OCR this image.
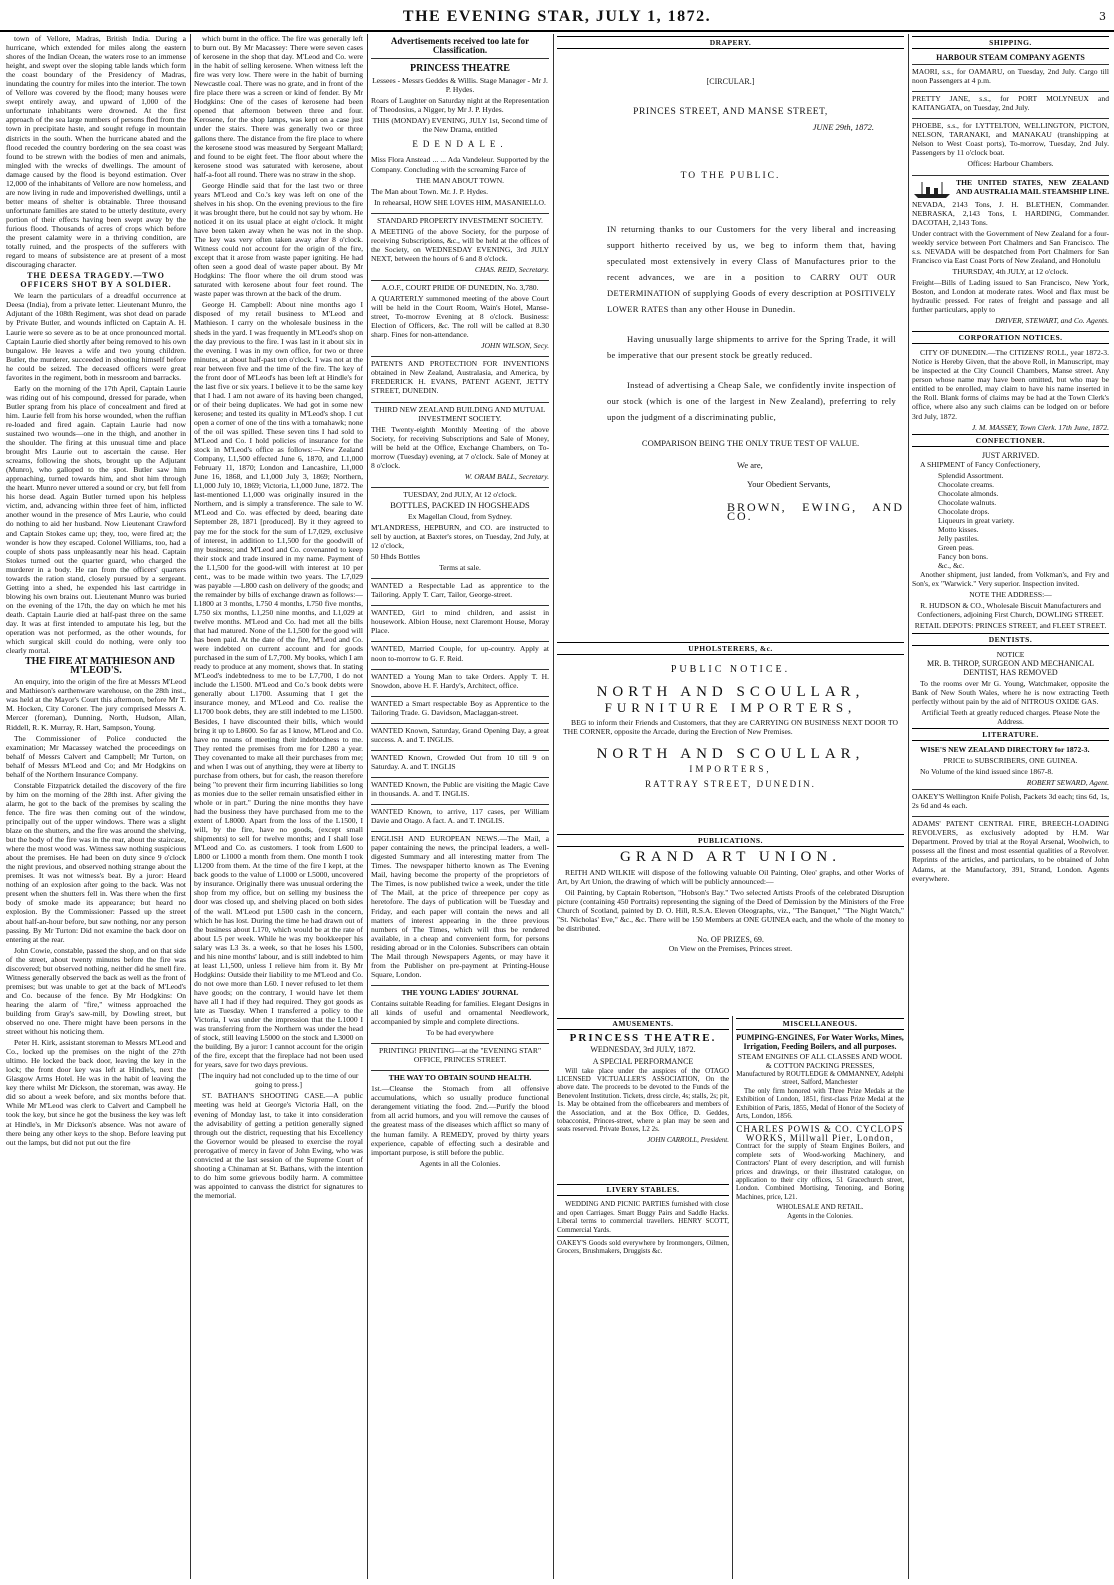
THE EVENING STAR, JULY 1, 1872.	3

town of Vellore, Madras, British India. During a hurricane, which extended for miles along the eastern shores of the Indian Ocean, the waters rose to an immense height, and swept over the sloping table lands which form the coast boundary of the Presidency of Madras, inundating the country for miles into the interior. The town of Vellore was covered by the flood; many houses were swept entirely away, and upward of 1,000 of the unfortunate inhabitants were drowned. At the first approach of the sea large numbers of persons fled from the town in precipitate haste, and sought refuge in mountain districts in the south. When the hurricane abated and the flood receded the country bordering on the sea coast was found to be strewn with the bodies of men and animals, mingled with the wrecks of dwellings. The amount of damage caused by the flood is beyond estimation. Over 12,000 of the inhabitants of Vellore are now homeless, and are now living in rude and impoverished dwellings, until a better means of shelter is obtainable. Three thousand unfortunate families are stated to be utterly destitute, every portion of their effects having been swept away by the furious flood. Thousands of acres of crops which before the present calamity were in a thriving condition, are totally ruined, and the prospects of the sufferers with regard to means of subsistence are at present of a most discouraging character.

THE DEESA TRAGEDY.—TWO OFFICERS SHOT BY A SOLDIER.

We learn the particulars of a dreadful occurrence at Deesa (India), from a private letter. Lieutenant Munro, the Adjutant of the 108th Regiment, was shot dead on parade by Private Butler, and wounds inflicted on Captain A. H. Laurie were so severe as to be at once pronounced mortal. Captain Laurie died shortly after being removed to his own bungalow. He leaves a wife and two young children. Butler, the murderer, succeeded in shooting himself before he could be seized. The deceased officers were great favorites in the regiment, both in messroom and barracks.

Early on the morning of the 17th April, Captain Laurie was riding out of his compound, dressed for parade, when Butler sprang from his place of concealment and fired at him. Laurie fell from his horse wounded, when the ruffian re-loaded and fired again. Captain Laurie had now sustained two wounds—one in the thigh, and another in the shoulder. The firing at this unusual time and place brought Mrs Laurie out to ascertain the cause. Her screams, following the shots, brought up the Adjutant (Munro), who galloped to the spot. Butler saw him approaching, turned towards him, and shot him through the heart. Munro never uttered a sound or cry, but fell from his horse dead. Again Butler turned upon his helpless victim, and, advancing within three feet of him, inflicted another wound in the presence of Mrs Laurie, who could do nothing to aid her husband. Now Lieutenant Crawford and Captain Stokes came up; they, too, were fired at; the wonder is how they escaped. Colonel Williams, too, had a couple of shots pass unpleasantly near his head. Captain Stokes turned out the quarter guard, who charged the murderer in a body. He ran from the officers' quarters towards the ration stand, closely pursued by a sergeant. Getting into a shed, he expended his last cartridge in blowing his own brains out. Lieutenant Munro was buried on the evening of the 17th, the day on which he met his death. Captain Laurie died at half-past three on the same day. It was at first intended to amputate his leg, but the operation was not performed, as the other wounds, for which surgical skill could do nothing, were only too clearly mortal.

THE FIRE AT MATHIESON AND M'LEOD'S.

An enquiry, into the origin of the fire at Messrs M'Leod and Mathieson's earthenware warehouse, on the 28th inst., was held at the Mayor's Court this afternoon, before Mr T. M. Hocken, City Coroner. The jury comprised Messrs A. Mercer (foreman), Dunning, North, Hudson, Allan, Riddell, R. K. Murray, R. Hart, Sampson, Young.

The Commissioner of Police conducted the examination; Mr Macassey watched the proceedings on behalf of Messrs Calvert and Campbell; Mr Turton, on behalf of Messrs M'Leod and Co; and Mr Hodgkins on behalf of the Northern Insurance Company.

Constable Fitzpatrick detailed the discovery of the fire by him on the morning of the 28th inst. After giving the alarm, he got to the back of the premises by scaling the fence. The fire was then coming out of the window, principally out of the upper windows. There was a slight blaze on the shutters, and the fire was around the shelving, but the body of the fire was in the rear, about the staircase, where the most wood was. Witness saw nothing suspicious about the premises. He had been on duty since 9 o'clock the night previous, and observed nothing strange about the premises. It was not witness's beat. By a juror: Heard nothing of an explosion after going to the back. Was not present when the shutters fell in. Was there when the first body of smoke made its appearance; but heard no explosion. By the Commissioner: Passed up the street about half-an-hour before, but saw nothing, nor any person passing. By Mr Turton: Did not examine the back door on entering at the rear.

John Cowie, constable, passed the shop, and on that side of the street, about twenty minutes before the fire was discovered; but observed nothing, neither did he smell fire. Witness generally observed the back as well as the front of premises; but was unable to get at the back of M'Leod's and Co. because of the fence. By Mr Hodgkins: On hearing the alarm of "fire," witness approached the building from Gray's saw-mill, by Dowling street, but observed no one. There might have been persons in the street without his noticing them.

Peter H. Kirk, assistant storeman to Messrs M'Leod and Co., locked up the premises on the night of the 27th ultimo. He locked the back door, leaving the key in the lock; the front door key was left at Hindle's, next the Glasgow Arms Hotel. He was in the habit of leaving the key there whilst Mr Dickson, the storeman, was away. He did so about a week before, and six months before that. While Mr M'Leod was clerk to Calvert and Campbell he took the key, but since he got the business the key was left at Hindle's, in Mr Dickson's absence. Was not aware of there being any other keys to the shop. Before leaving put out the lamps, but did not put out the fire

which burnt in the office. The fire was generally left to burn out. By Mr Macassey: There were seven cases of kerosene in the shop that day. M'Leod and Co. were in the habit of selling kerosene. When witness left the fire was very low. There were in the habit of burning Newcastle coal. There was no grate, and in front of the fire place there was a screen or kind of fender. By Mr Hodgkins: One of the cases of kerosene had been opened that afternoon between three and four. Kerosene, for the shop lamps, was kept on a case just under the stairs. There was generally two or three gallons there. The distance from the fire place to where the kerosene stood was measured by Sergeant Mallard; and found to be eight feet. The floor about where the kerosene stood was saturated with kerosene, about half-a-foot all round. There was no straw in the shop.

George Hindle said that for the last two or three years M'Leod and Co.'s key was left on one of the shelves in his shop. On the evening previous to the fire it was brought there, but he could not say by whom. He noticed it on its usual place at eight o'clock. It might have been taken away when he was not in the shop. The key was very often taken away after 8 o'clock. Witness could not account for the origin of the fire, except that it arose from waste paper igniting. He had often seen a good deal of waste paper about. By Mr Hodgkins: The floor where the oil drum stood was saturated with kerosene about four feet round. The waste paper was thrown at the back of the drum.

George H. Campbell: About nine months ago I disposed of my retail business to M'Leod and Mathieson. I carry on the wholesale business in the sheds in the yard. I was frequently in M'Leod's shop on the day previous to the fire. I was last in it about six in the evening. I was in my own office, for two or three minutes, at about half-past ten o'clock. I was not at the rear between five and the time of the fire. The key of the front door of M'Leod's has been left at Hindle's for the last five or six years. I believe it to be the same key that I had. I am not aware of its having been changed, or of their being duplicates. We had got in some new kerosene; and tested its quality in M'Leod's shop. I cut open a corner of one of the tins with a tomahawk; none of the oil was spilled. These seven tins I had sold to M'Leod and Co. I hold policies of insurance for the stock in M'Leod's office as follows:—New Zealand Company, L1,500 effected June 6, 1870, and L1,000 February 11, 1870; London and Lancashire, L1,000 June 16, 1868, and L1,000 July 3, 1869; Northern, L1,000 July 10, 1869; Victoria, L1,000 June, 1872. The last-mentioned L1,000 was originally insured in the Northern, and is simply a transference. The sale to W. M'Leod and Co. was effected by deed, bearing date September 28, 1871 [produced]. By it they agreed to pay me for the stock for the sum of L7,029, exclusive of interest, in addition to L1,500 for the goodwill of my business; and M'Leod and Co. covenanted to keep their stock and trade insured in my name. Payment of the L1,500 for the good-will with interest at 10 per cent., was to be made within two years. The L7,029 was payable —L800 cash on delivery of the goods; and the remainder by bills of exchange drawn as follows:—L1800 at 3 months, L750 4 months, L750 five months, L750 six months, L1,250 nine months, and L1,029 at twelve months. M'Leod and Co. had met all the bills that had matured. None of the L1,500 for the good will has been paid. At the date of the fire, M'Leod and Co. were indebted on current account and for goods purchased in the sum of L7,700. My books, which I am ready to produce at any moment, shows that. In stating M'Leod's indebtedness to me to be L7,700, I do not include the L1500. M'Leod and Co.'s book debts were generally about L1700. Assuming that I get the insurance money, and M'Leod and Co. realise the L1700 book debts, they are still indebted to me L1500. Besides, I have discounted their bills, which would bring it up to L8600. So far as I know, M'Leod and Co. have no means of meeting their indebtedness to me. They rented the premises from me for L280 a year. They covenanted to make all their purchases from me; and when I was out of anything, they were at liberty to purchase from others, but for cash, the reason therefore being "to prevent their firm incurring liabilities so long as monies due to the seller remain unsatisfied either in whole or in part." During the nine months they have had the business they have purchased from me to the extent of L8000. Apart from the loss of the L1500, I will, by the fire, have no goods, (except small shipments) to sell for twelve months; and I shall lose M'Leod and Co. as customers. I took from L600 to L800 or L1000 a month from them. One month I took L1200 from them. At the time of the fire I kept, at the back goods to the value of L1000 or L5000, uncovered by insurance. Originally there was unusual ordering the shop from my office, but on selling my business the door was closed up, and shelving placed on both sides of the wall. M'Leod put L500 cash in the concern, which he has lost. During the time he had drawn out of the business about L170, which would be at the rate of about L5 per week. While he was my bookkeeper his salary was L3 3s. a week, so that he loses his L500, and his nine months' labour, and is still indebted to him at least L1,500, unless I relieve him from it. By Mr Hodgkins: Outside their liability to me M'Leod and Co. do not owe more than L60. I never refused to let them have goods; on the contrary, I would have let them have all I had if they had required. They got goods as late as Tuesday. When I transferred a policy to the Victoria, I was under the impression that the L1000 I was transferring from the Northern was under the head of stock, still leaving L5000 on the stock and L3000 on the building. By a juror: I cannot account for the origin of the fire, except that the fireplace had not been used for years, save for two days previous.

[The inquiry had not concluded up to the time of our going to press.]

ST. BATHAN'S SHOOTING CASE.—A public meeting was held at George's Victoria Hall, on the evening of Monday last, to take it into consideration the advisability of getting a petition generally signed through out the district, requesting that his Excellency the Governor would be pleased to exercise the royal prerogative of mercy in favor of John Ewing, who was convicted at the last session of the Supreme Court of shooting a Chinaman at St. Bathans, with the intention to do him some grievous bodily harm. A committee was appointed to canvass the district for signatures to the memorial.

Advertisements received too late for Classification.
PRINCESS THEATRE

Lessees - Messrs Geddes & Willis. Stage Manager - Mr J. P. Hydes.

Roars of Laughter on Saturday night at the Representation of Theodosius, a Nigger, by Mr J. P. Hydes.

THIS (MONDAY) EVENING, JULY 1st, Second time of the New Drama, entitled

EDENDALE.

Miss Flora Anstead ... ... Ada Vandeleur. Supported by the Company. Concluding with the screaming Farce of

THE MAN ABOUT TOWN.

The Man about Town. Mr. J. P. Hydes.

In rehearsal, HOW SHE LOVES HIM, MASANIELLO.

STANDARD PROPERTY INVESTMENT SOCIETY.

A MEETING of the above Society, for the purpose of receiving Subscriptions, &c., will be held at the offices of the Society, on WEDNESDAY EVENING, 3rd JULY NEXT, between the hours of 6 and 8 o'clock.

CHAS. REID, Secretary.

A.O.F., COURT PRIDE OF DUNEDIN, No. 3,780.

A QUARTERLY summoned meeting of the above Court will be held in the Court Room, Wain's Hotel, Manse-street, To-morrow Evening at 8 o'clock. Business: Election of Officers, &c. The roll will be called at 8.30 sharp. Fines for non-attendance.

JOHN WILSON, Secy.

PATENTS AND PROTECTION FOR INVENTIONS obtained in New Zealand, Australasia, and America, by FREDERICK H. EVANS, PATENT AGENT, JETTY STREET, DUNEDIN.

THIRD NEW ZEALAND BUILDING AND MUTUAL INVESTMENT SOCIETY.

THE Twenty-eighth Monthly Meeting of the above Society, for receiving Subscriptions and Sale of Money, will be held at the Office, Exchange Chambers, on To-morrow (Tuesday) evening, at 7 o'clock. Sale of Money at 8 o'clock.

W. ORAM BALL, Secretary.

TUESDAY, 2nd JULY, At 12 o'clock.

BOTTLES, PACKED IN HOGSHEADS

Ex Magellan Cloud, from Sydney.

M'LANDRESS, HEPBURN, and CO. are instructed to sell by auction, at Baxter's stores, on Tuesday, 2nd July, at 12 o'clock,

50 Hhds Bottles

Terms at sale.

WANTED a Respectable Lad as apprentice to the Tailoring. Apply T. Carr, Tailor, George-street.

WANTED, Girl to mind children, and assist in housework. Albion House, next Claremont House, Moray Place.

WANTED, Married Couple, for up-country. Apply at noon to-morrow to G. F. Reid.

WANTED a Young Man to take Orders. Apply T. H. Snowdon, above H. F. Hardy's, Architect, office.

WANTED a Smart respectable Boy as Apprentice to the Tailoring Trade. G. Davidson, Maclaggan-street.

WANTED Known, Saturday, Grand Opening Day, a great success. A. and T. INGLIS.

WANTED Known, Crowded Out from 10 till 9 on Saturday. A. and T. INGLIS

WANTED Known, the Public are visiting the Magic Cave in thousands. A. and T. INGLIS.

WANTED Known, to arrive, 117 cases, per William Davie and Otago. A fact. A. and T. INGLIS.

ENGLISH AND EUROPEAN NEWS.—The Mail, a paper containing the news, the principal leaders, a well-digested Summary and all interesting matter from The Times. The newspaper hitherto known as The Evening Mail, having become the property of the proprietors of The Times, is now published twice a week, under the title of The Mail, at the price of threepence per copy as heretofore. The days of publication will be Tuesday and Friday, and each paper will contain the news and all matters of interest appearing in the three previous numbers of The Times, which will thus be rendered available, in a cheap and convenient form, for persons residing abroad or in the Colonies. Subscribers can obtain The Mail through Newspapers Agents, or may have it from the Publisher on pre-payment at Printing-House Square, London.

THE YOUNG LADIES' JOURNAL

Contains suitable Reading for families. Elegant Designs in all kinds of useful and ornamental Needlework, accompanied by simple and complete directions.

To be had everywhere

PRINTING! PRINTING—at the "EVENING STAR" OFFICE, PRINCES STREET.

THE WAY TO OBTAIN SOUND HEALTH.

1st.—Cleanse the Stomach from all offensive accumulations, which so usually produce functional derangement vitiating the food. 2nd.—Purify the blood from all acrid humors, and you will remove the causes of the greatest mass of the diseases which afflict so many of the human family. A REMEDY, proved by thirty years experience, capable of effecting such a desirable and important purpose, is still before the public.

Agents in all the Colonies.

DRAPERY.
[CIRCULAR.]
PRINCES STREET, AND MANSE STREET,
JUNE 29th, 1872.
TO THE PUBLIC.
IN returning thanks to our Customers for the very liberal and increasing support hitherto received by us, we beg to inform them that, having speculated most extensively in every Class of Manufactures prior to the recent advances, we are in a position to CARRY OUT OUR DETERMINATION of supplying Goods of every description at POSITIVELY LOWER RATES than any other House in Dunedin.
Having unusually large shipments to arrive for the Spring Trade, it will be imperative that our present stock be greatly reduced.
Instead of advertising a Cheap Sale, we confidently invite inspection of our stock (which is one of the largest in New Zealand), preferring to rely upon the judgment of a discriminating public,
COMPARISON BEING THE ONLY TRUE TEST OF VALUE.
We are,
Your Obedient Servants,
BROWN, EWING, AND CO.
UPHOLSTERERS, &c.
PUBLIC NOTICE.
NORTH AND SCOULLAR,
FURNITURE IMPORTERS,

BEG to inform their Friends and Customers, that they are CARRYING ON BUSINESS NEXT DOOR TO THE CORNER, opposite the Arcade, during the Erection of New Premises.

NORTH AND SCOULLAR,
IMPORTERS,
RATTRAY STREET, DUNEDIN.
PUBLICATIONS.
GRAND ART UNION.

REITH AND WILKIE will dispose of the following valuable Oil Painting, Oleo' graphs, and other Works of Art, by Art Union, the drawing of which will be publicly announced:—

Oil Painting, by Captain Robertson, "Hobson's Bay." Two selected Artists Proofs of the celebrated Disruption picture (containing 450 Portraits) representing the signing of the Deed of Demission by the Ministers of the Free Church of Scotland, painted by D. O. Hill, R.S.A. Eleven Oleographs, viz., "The Banquet," "The Night Watch," "St. Nicholas' Eve," &c., &c. There will be 150 Members at ONE GUINEA each, and the whole of the money to be distributed.

No. OF PRIZES, 69.
On View on the Premises, Princes street.
AMUSEMENTS.
PRINCESS THEATRE.
WEDNESDAY, 3rd JULY, 1872.
A SPECIAL PERFORMANCE

Will take place under the auspices of the OTAGO LICENSED VICTUALLER'S ASSOCIATION, On the above date. The proceeds to be devoted to the Funds of the Benevolent Institution. Tickets, dress circle, 4s; stalls, 2s; pit, 1s. May be obtained from the officebearers and members of the Association, and at the Box Office, D. Geddes, tobacconist, Princes-street, where a plan may be seen and seats reserved. Private Boxes, L2 2s.

JOHN CARROLL, President.

LIVERY STABLES.

WEDDING AND PICNIC PARTIES furnished with close and open Carriages. Smart Buggy Pairs and Saddle Hacks. Liberal terms to commercial travellers. HENRY SCOTT, Commercial Yards.

OAKEY'S Goods sold everywhere by Ironmongers, Oilmen, Grocers, Brushmakers, Druggists &c.

MISCELLANEOUS.
PUMPING-ENGINES, For Water Works, Mines, Irrigation, Feeding Boilers, and all purposes.
STEAM ENGINES OF ALL CLASSES AND WOOL & COTTON PACKING PRESSES,
Manufactured by ROUTLEDGE & OMMANNEY, Adelphi street, Salford, Manchester

The only firm honored with Three Prize Medals at the Exhibition of London, 1851, first-class Prize Medal at the Exhibition of Paris, 1855, Medal of Honor of the Society of Arts, London, 1856.

CHARLES POWIS & CO. CYCLOPS WORKS, Millwall Pier, London,

Contract for the supply of Steam Engines Boilers, and complete sets of Wood-working Machinery, and Contractors' Plant of every description, and will furnish prices and drawings, or their illustrated catalogue, on application to their city offices, 51 Gracechurch street, London. Combined Mortising, Tenoning, and Boring Machines, price, L21.

WHOLESALE AND RETAIL.
Agents in the Colonies.
SHIPPING.
HARBOUR STEAM COMPANY AGENTS

MAORI, s.s., for OAMARU, on Tuesday, 2nd July. Cargo till noon Passengers at 4 p.m.

PRETTY JANE, s.s., for PORT MOLYNEUX and KAITANGATA, on Tuesday, 2nd July.

PHOEBE, s.s., for LYTTELTON, WELLINGTON, PICTON, NELSON, TARANAKI, and MANAKAU (transhipping at Nelson to West Coast ports), To-morrow, Tuesday, 2nd July. Passengers by 11 o'clock boat.

Offices: Harbour Chambers.

THE UNITED STATES, NEW ZEALAND AND AUSTRALIA MAIL STEAMSHIP LINE.

NEVADA, 2143 Tons, J. H. BLETHEN, Commander. NEBRASKA, 2,143 Tons, I. HARDING, Commander. DACOTAH, 2,143 Tons.

Under contract with the Government of New Zealand for a four-weekly service between Port Chalmers and San Francisco. The s.s. NEVADA will be despatched from Port Chalmers for San Francisco via East Coast Ports of New Zealand, and Honolulu

THURSDAY, 4th JULY, at 12 o'clock.

Freight—Bills of Lading issued to San Francisco, New York, Boston, and London at moderate rates. Wool and flax must be hydraulic pressed. For rates of freight and passage and all further particulars, apply to

DRIVER, STEWART, and Co. Agents.

CORPORATION NOTICES.

CITY OF DUNEDIN.—The CITIZENS' ROLL, year 1872-3. Notice is Hereby Given, that the above Roll, in Manuscript, may be inspected at the City Council Chambers, Manse street. Any person whose name may have been omitted, but who may be entitled to be enrolled, may claim to have his name inserted in the Roll. Blank forms of claims may be had at the Town Clerk's office, where also any such claims can be lodged on or before 3rd July, 1872.

J. M. MASSEY, Town Clerk. 17th June, 1872.

CONFECTIONER.
JUST ARRIVED.

A SHIPMENT of Fancy Confectionery,

Splendid Assortment.
Chocolate creams.
Chocolate almonds.
Chocolate walnuts.
Chocolate drops.
Liqueurs in great variety.
Motto kisses.
Jelly pastiles.
Green peas.
Fancy bon bons.
&c., &c.

Another shipment, just landed, from Volkman's, and Fry and Son's, ex "Warwick." Very superior. Inspection invited.

NOTE THE ADDRESS:—

R. HUDSON & CO., Wholesale Biscuit Manufacturers and Confectioners, adjoining First Church, DOWLING STREET.

RETAIL DEPOTS: PRINCES STREET, and FLEET STREET.

DENTISTS.
NOTICE

MR. B. THROP, SURGEON AND MECHANICAL DENTIST, HAS REMOVED

To the rooms over Mr G. Young, Watchmaker, opposite the Bank of New South Wales, where he is now extracting Teeth perfectly without pain by the aid of NITROUS OXIDE GAS.

Artificial Teeth at greatly reduced charges. Please Note the Address.

LITERATURE.

WISE'S NEW ZEALAND DIRECTORY for 1872-3.

PRICE to SUBSCRIBERS, ONE GUINEA.

No Volume of the kind issued since 1867-8.

ROBERT SEWARD, Agent.

OAKEY'S Wellington Knife Polish, Packets 3d each; tins 6d, 1s, 2s 6d and 4s each.

ADAMS' PATENT CENTRAL FIRE, BREECH-LOADING REVOLVERS, as exclusively adopted by H.M. War Department. Proved by trial at the Royal Arsenal, Woolwich, to possess all the finest and most essential qualities of a Revolver. Reprints of the articles, and particulars, to be obtained of John Adams, at the Manufactory, 391, Strand, London. Agents everywhere.
